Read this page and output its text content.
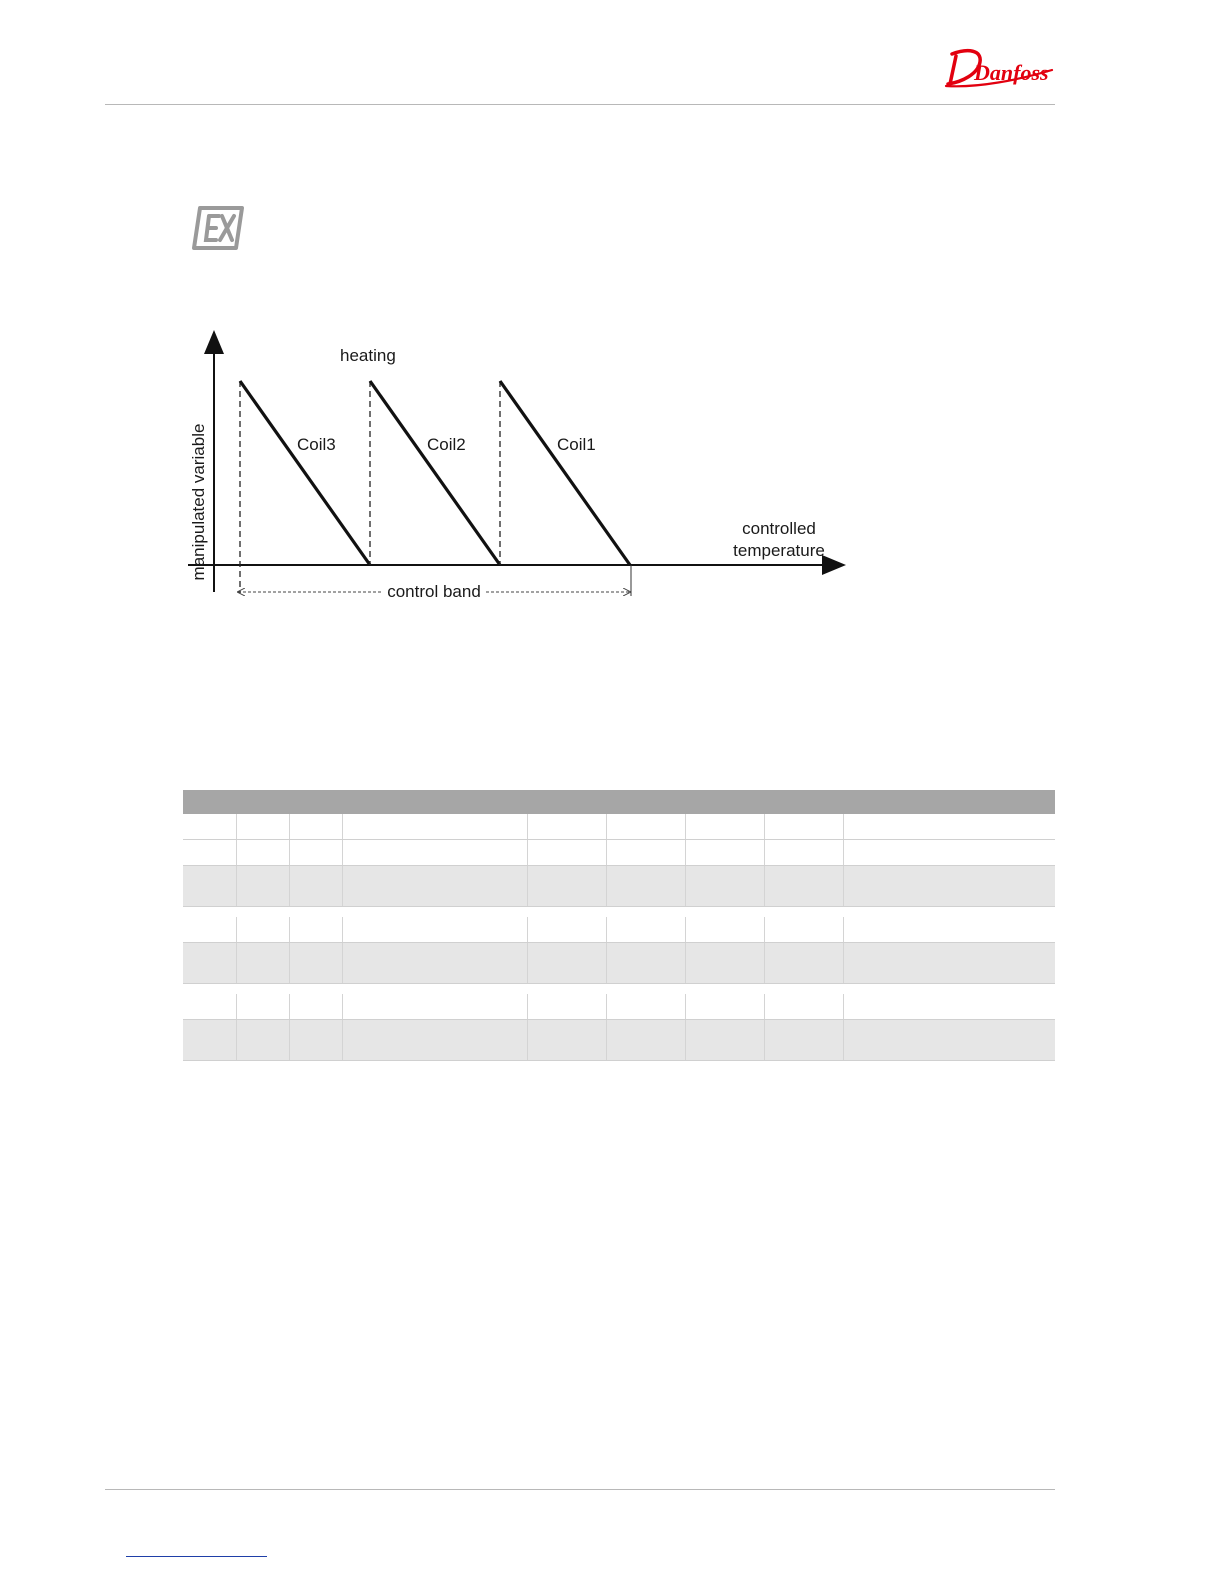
Danfoss
manipulated variable
heating
controlled
temperature
Coil3	Coil2	Coil1
control band
